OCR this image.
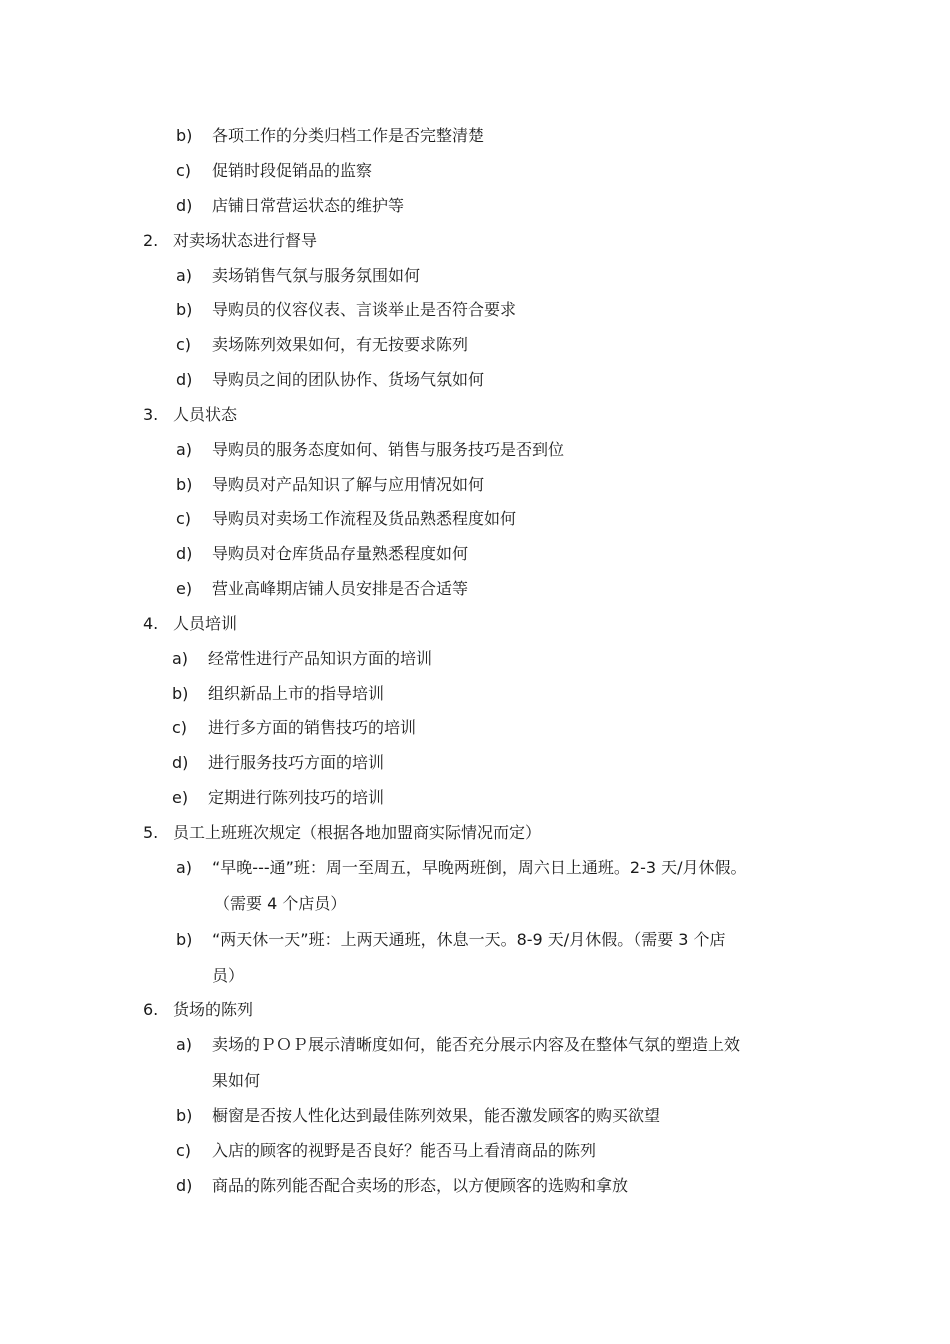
b) 各项工作的分类归档工作是否完整清楚
c) 促销时段促销品的监察
d) 店铺日常营运状态的维护等
2. 对卖场状态进行督导
a) 卖场销售气氛与服务氛围如何
b) 导购员的仪容仪表、言谈举止是否符合要求
c) 卖场陈列效果如何，有无按要求陈列
d) 导购员之间的团队协作、货场气氛如何
3. 人员状态
a) 导购员的服务态度如何、销售与服务技巧是否到位
b) 导购员对产品知识了解与应用情况如何
c) 导购员对卖场工作流程及货品熟悉程度如何
d) 导购员对仓库货品存量熟悉程度如何
e) 营业高峰期店铺人员安排是否合适等
4. 人员培训
a) 经常性进行产品知识方面的培训
b) 组织新品上市的指导培训
c) 进行多方面的销售技巧的培训
d) 进行服务技巧方面的培训
e) 定期进行陈列技巧的培训
5. 员工上班班次规定（根据各地加盟商实际情况而定）
a) “早晚---通”班：周一至周五，早晚两班倒，周六日上通班。2-3 天/月休假。
（需要 4 个店员）
b) “两天休一天”班：上两天通班，休息一天。8-9 天/月休假。（需要 3 个店
员）
6. 货场的陈列
a) 卖场的ＰＯＰ展示清晰度如何，能否充分展示内容及在整体气氛的塑造上效
果如何
b) 橱窗是否按人性化达到最佳陈列效果，能否激发顾客的购买欲望
c) 入店的顾客的视野是否良好？能否马上看清商品的陈列
d) 商品的陈列能否配合卖场的形态，以方便顾客的选购和拿放
